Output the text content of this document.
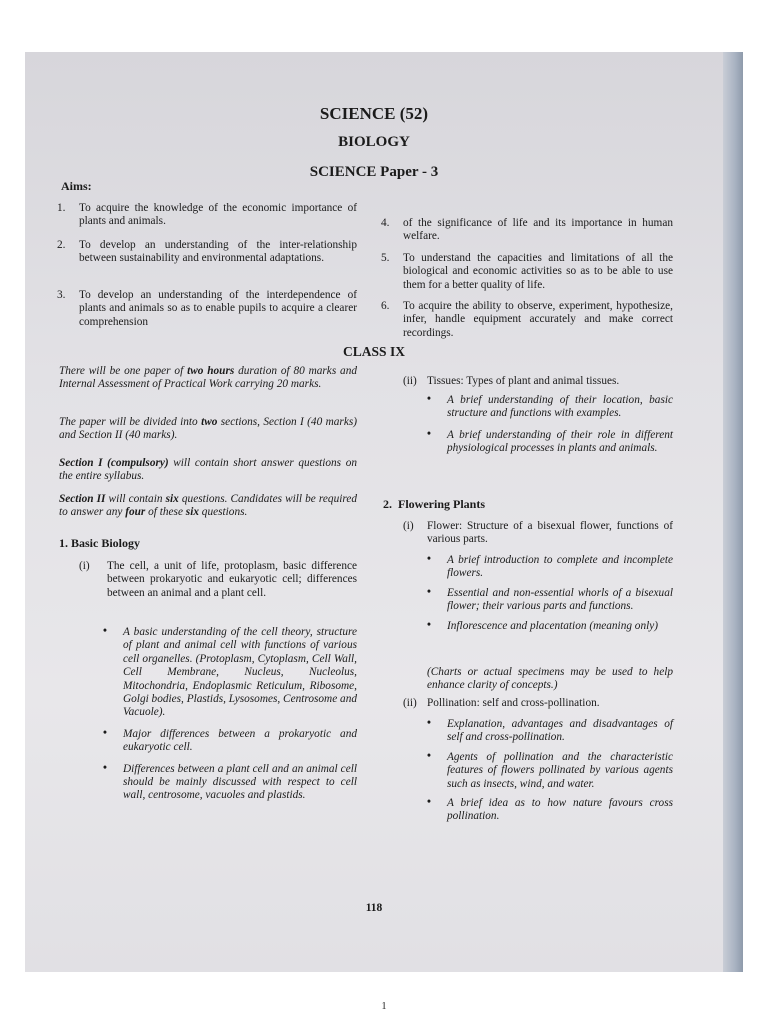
SCIENCE (52)
BIOLOGY
SCIENCE Paper - 3
Aims:
1. To acquire the knowledge of the economic importance of plants and animals.
2. To develop an understanding of the inter-relationship between sustainability and environmental adaptations.
3. To develop an understanding of the interdependence of plants and animals so as to enable pupils to acquire a clearer comprehension
4. of the significance of life and its importance in human welfare.
5. To understand the capacities and limitations of all the biological and economic activities so as to be able to use them for a better quality of life.
6. To acquire the ability to observe, experiment, hypothesize, infer, handle equipment accurately and make correct recordings.
CLASS IX
There will be one paper of two hours duration of 80 marks and Internal Assessment of Practical Work carrying 20 marks.
The paper will be divided into two sections, Section I (40 marks) and Section II (40 marks).
Section I (compulsory) will contain short answer questions on the entire syllabus.
Section II will contain six questions. Candidates will be required to answer any four of these six questions.
1. Basic Biology
(i) The cell, a unit of life, protoplasm, basic difference between prokaryotic and eukaryotic cell; differences between an animal and a plant cell.
• A basic understanding of the cell theory, structure of plant and animal cell with functions of various cell organelles. (Protoplasm, Cytoplasm, Cell Wall, Cell Membrane, Nucleus, Nucleolus, Mitochondria, Endoplasmic Reticulum, Ribosome, Golgi bodies, Plastids, Lysosomes, Centrosome and Vacuole).
• Major differences between a prokaryotic and eukaryotic cell.
• Differences between a plant cell and an animal cell should be mainly discussed with respect to cell wall, centrosome, vacuoles and plastids.
(ii) Tissues: Types of plant and animal tissues.
• A brief understanding of their location, basic structure and functions with examples.
• A brief understanding of their role in different physiological processes in plants and animals.
2. Flowering Plants
(i) Flower: Structure of a bisexual flower, functions of various parts.
• A brief introduction to complete and incomplete flowers.
• Essential and non-essential whorls of a bisexual flower; their various parts and functions.
• Inflorescence and placentation (meaning only)
(Charts or actual specimens may be used to help enhance clarity of concepts.)
(ii) Pollination: self and cross-pollination.
• Explanation, advantages and disadvantages of self and cross-pollination.
• Agents of pollination and the characteristic features of flowers pollinated by various agents such as insects, wind, and water.
• A brief idea as to how nature favours cross pollination.
118
1
